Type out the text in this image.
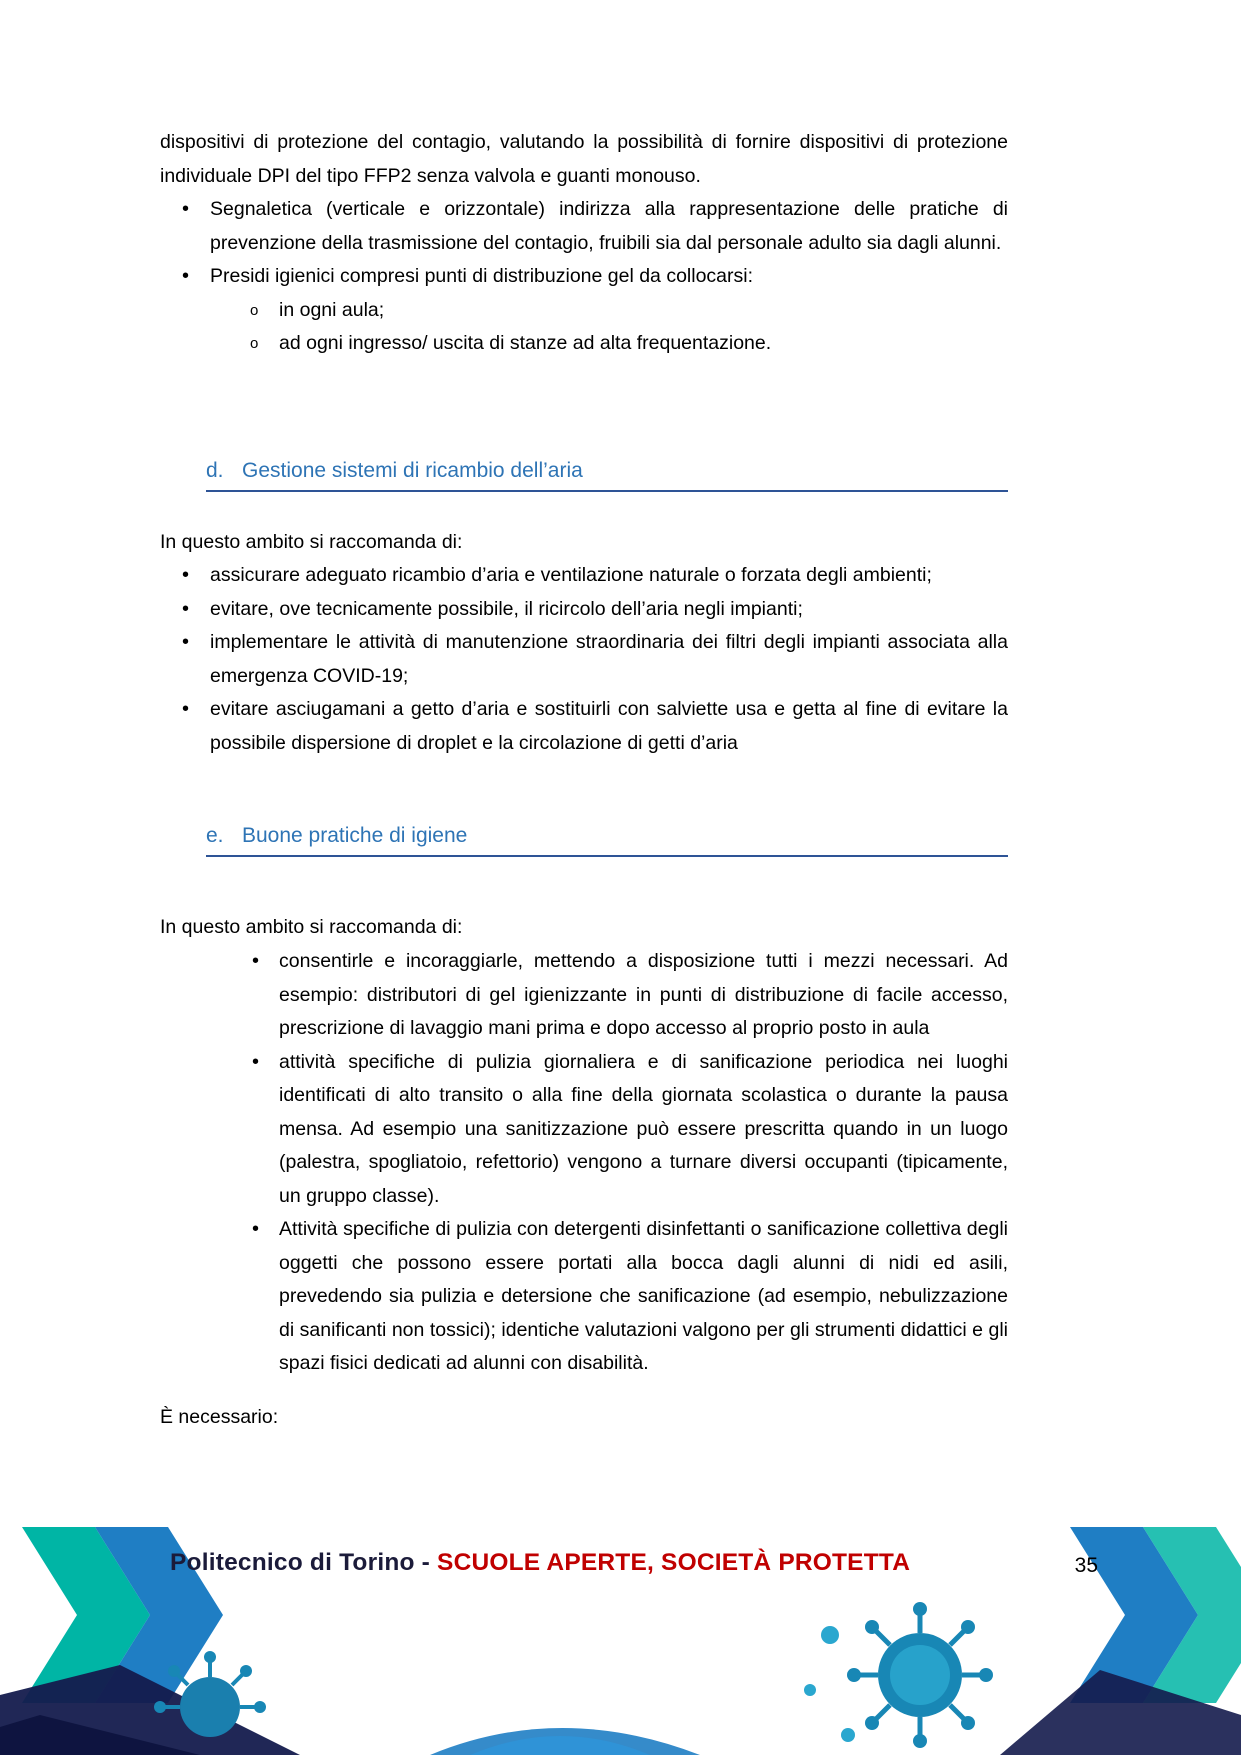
dispositivi di protezione del contagio, valutando la possibilità di fornire dispositivi di protezione individuale DPI del tipo FFP2 senza valvola e guanti monouso.

• Segnaletica (verticale e orizzontale) indirizza alla rappresentazione delle pratiche di prevenzione della trasmissione del contagio, fruibili sia dal personale adulto sia dagli alunni.
• Presidi igienici compresi punti di distribuzione gel da collocarsi:
o in ogni aula;
o ad ogni ingresso/ uscita di stanze ad alta frequentazione.
d. Gestione sistemi di ricambio dell’aria

In questo ambito si raccomanda di:

• assicurare adeguato ricambio d’aria e ventilazione naturale o forzata degli ambienti;
• evitare, ove tecnicamente possibile, il ricircolo dell’aria negli impianti;
• implementare le attività di manutenzione straordinaria dei filtri degli impianti associata alla emergenza COVID-19;
• evitare asciugamani a getto d’aria e sostituirli con salviette usa e getta al fine di evitare la possibile dispersione di droplet e la circolazione di getti d’aria
e. Buone pratiche di igiene

In questo ambito si raccomanda di:

• consentirle e incoraggiarle, mettendo a disposizione tutti i mezzi necessari. Ad esempio: distributori di gel igienizzante in punti di distribuzione di facile accesso, prescrizione di lavaggio mani prima e dopo accesso al proprio posto in aula
• attività specifiche di pulizia giornaliera e di sanificazione periodica nei luoghi identificati di alto transito o alla fine della giornata scolastica o durante la pausa mensa. Ad esempio una sanitizzazione può essere prescritta quando in un luogo (palestra, spogliatoio, refettorio) vengono a turnare diversi occupanti (tipicamente, un gruppo classe).
• Attività specifiche di pulizia con detergenti disinfettanti o sanificazione collettiva degli oggetti che possono essere portati alla bocca dagli alunni di nidi ed asili, prevedendo sia pulizia e detersione che sanificazione (ad esempio, nebulizzazione di sanificanti non tossici); identiche valutazioni valgono per gli strumenti didattici e gli spazi fisici dedicati ad alunni con disabilità.

È necessario:

Politecnico di Torino - SCUOLE APERTE, SOCIETÀ PROTETTA	35
